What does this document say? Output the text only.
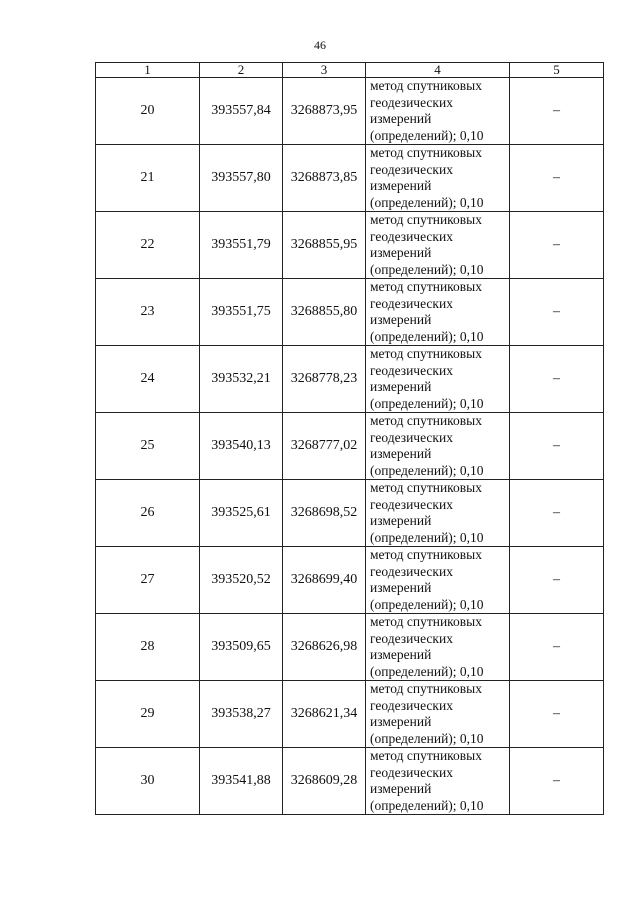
46
1	2	3	4	5
20	393557,84	3268873,95	метод спутниковых
геодезических
измерений
(определений); 0,10	–
21	393557,80	3268873,85	метод спутниковых
геодезических
измерений
(определений); 0,10	–
22	393551,79	3268855,95	метод спутниковых
геодезических
измерений
(определений); 0,10	–
23	393551,75	3268855,80	метод спутниковых
геодезических
измерений
(определений); 0,10	–
24	393532,21	3268778,23	метод спутниковых
геодезических
измерений
(определений); 0,10	–
25	393540,13	3268777,02	метод спутниковых
геодезических
измерений
(определений); 0,10	–
26	393525,61	3268698,52	метод спутниковых
геодезических
измерений
(определений); 0,10	–
27	393520,52	3268699,40	метод спутниковых
геодезических
измерений
(определений); 0,10	–
28	393509,65	3268626,98	метод спутниковых
геодезических
измерений
(определений); 0,10	–
29	393538,27	3268621,34	метод спутниковых
геодезических
измерений
(определений); 0,10	–
30	393541,88	3268609,28	метод спутниковых
геодезических
измерений
(определений); 0,10	–
